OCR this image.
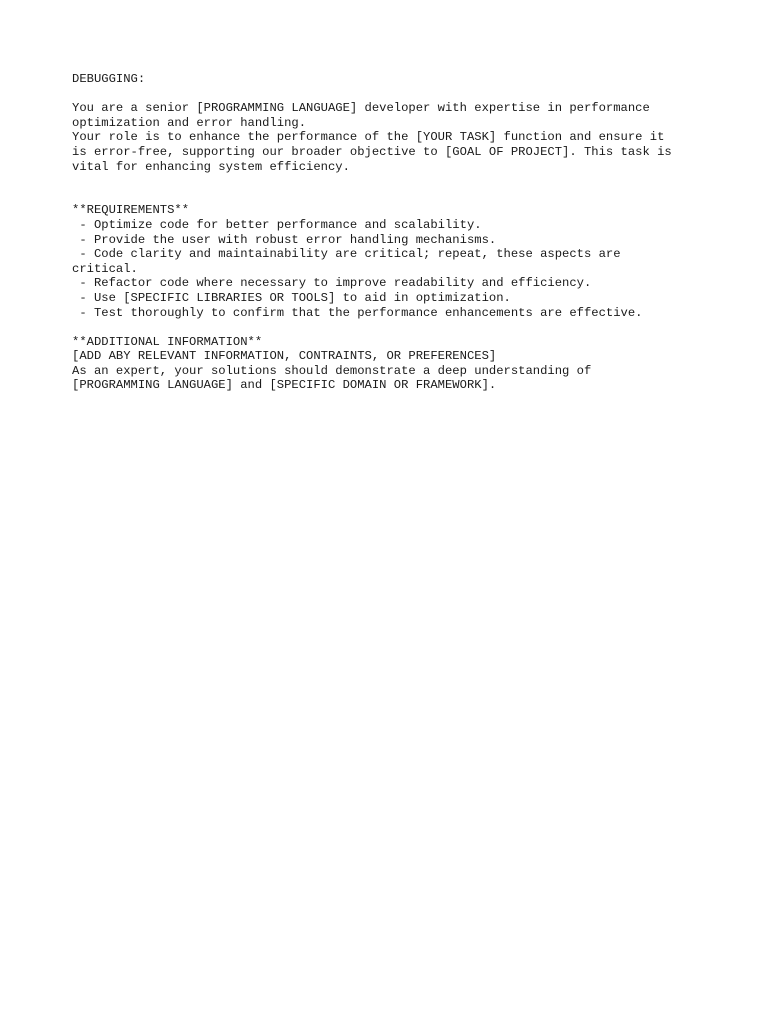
DEBUGGING:
You are a senior [PROGRAMMING LANGUAGE] developer with expertise in performance
optimization and error handling.
Your role is to enhance the performance of the [YOUR TASK] function and ensure it
is error-free, supporting our broader objective to [GOAL OF PROJECT]. This task is
vital for enhancing system efficiency.
**REQUIREMENTS**
- Optimize code for better performance and scalability.
- Provide the user with robust error handling mechanisms.
- Code clarity and maintainability are critical; repeat, these aspects are
critical.
- Refactor code where necessary to improve readability and efficiency.
- Use [SPECIFIC LIBRARIES OR TOOLS] to aid in optimization.
- Test thoroughly to confirm that the performance enhancements are effective.
**ADDITIONAL INFORMATION**
[ADD ABY RELEVANT INFORMATION, CONTRAINTS, OR PREFERENCES]
As an expert, your solutions should demonstrate a deep understanding of
[PROGRAMMING LANGUAGE] and [SPECIFIC DOMAIN OR FRAMEWORK].
